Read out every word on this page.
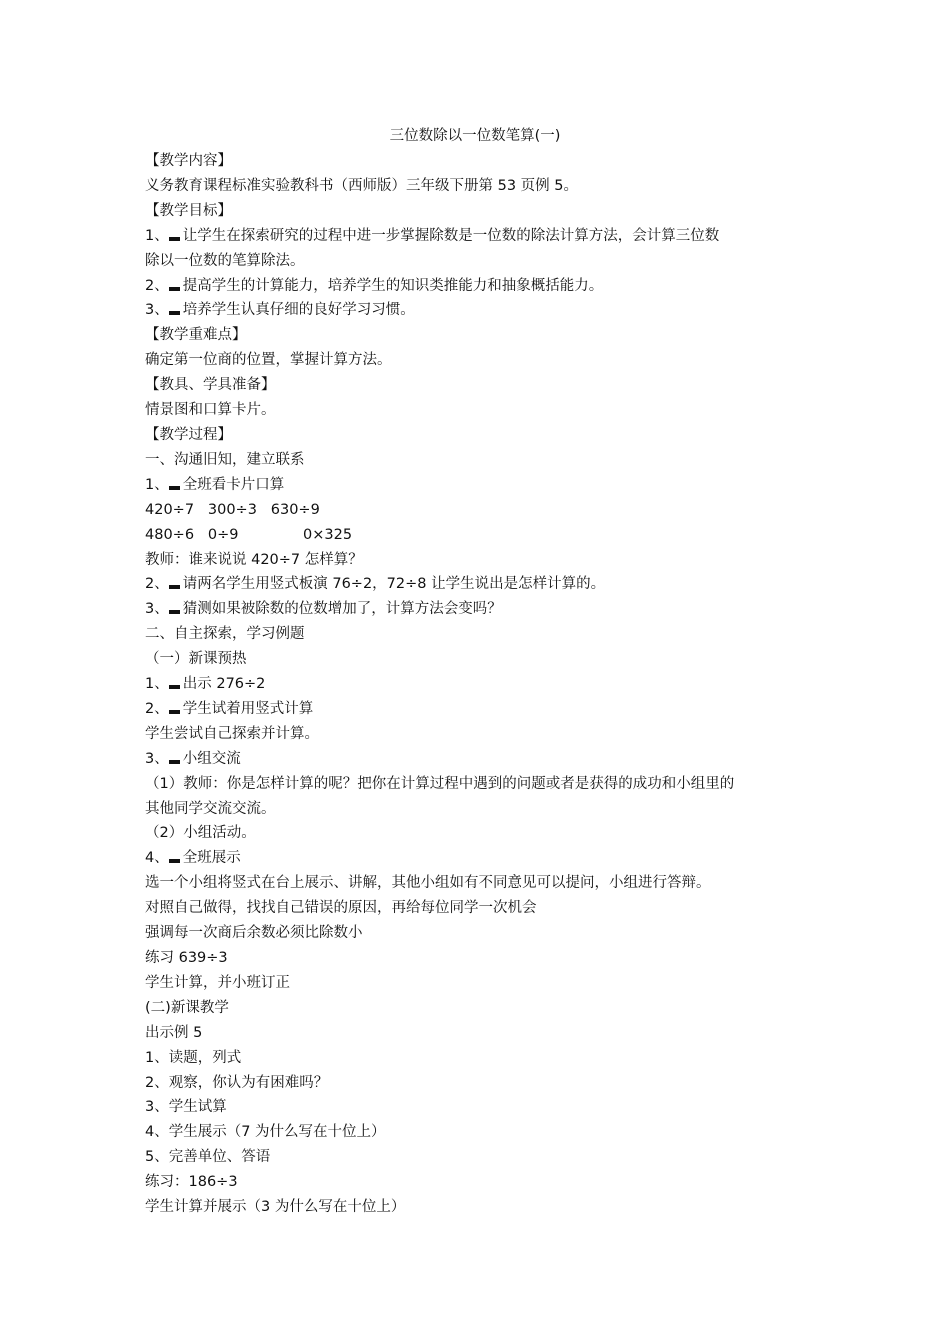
三位数除以一位数笔算(一)

【教学内容】

义务教育课程标准实验教科书（西师版）三年级下册第 53 页例 5。

【教学目标】

1、 让学生在探索研究的过程中进一步掌握除数是一位数的除法计算方法，会计算三位数

除以一位数的笔算除法。

2、 提高学生的计算能力，培养学生的知识类推能力和抽象概括能力。

3、 培养学生认真仔细的良好学习习惯。

【教学重难点】

确定第一位商的位置，掌握计算方法。

【教具、学具准备】

情景图和口算卡片。

【教学过程】

一、沟通旧知，建立联系

1、 全班看卡片口算

420÷7   300÷3   630÷9

480÷6   0÷9              0×325

教师：谁来说说 420÷7 怎样算？

2、 请两名学生用竖式板演 76÷2，72÷8 让学生说出是怎样计算的。

3、 猜测如果被除数的位数增加了，计算方法会变吗？

二、自主探索，学习例题

（一）新课预热

1、 出示 276÷2

2、 学生试着用竖式计算

学生尝试自己探索并计算。

3、 小组交流

（1）教师：你是怎样计算的呢？把你在计算过程中遇到的问题或者是获得的成功和小组里的

其他同学交流交流。

（2）小组活动。

4、 全班展示

选一个小组将竖式在台上展示、讲解，其他小组如有不同意见可以提问，小组进行答辩。

对照自己做得，找找自己错误的原因，再给每位同学一次机会

强调每一次商后余数必须比除数小

练习 639÷3

学生计算，并小班订正

(二)新课教学

出示例 5

1、读题，列式

2、观察，你认为有困难吗？

3、学生试算

4、学生展示（7 为什么写在十位上）

5、完善单位、答语

练习：186÷3

学生计算并展示（3 为什么写在十位上）
